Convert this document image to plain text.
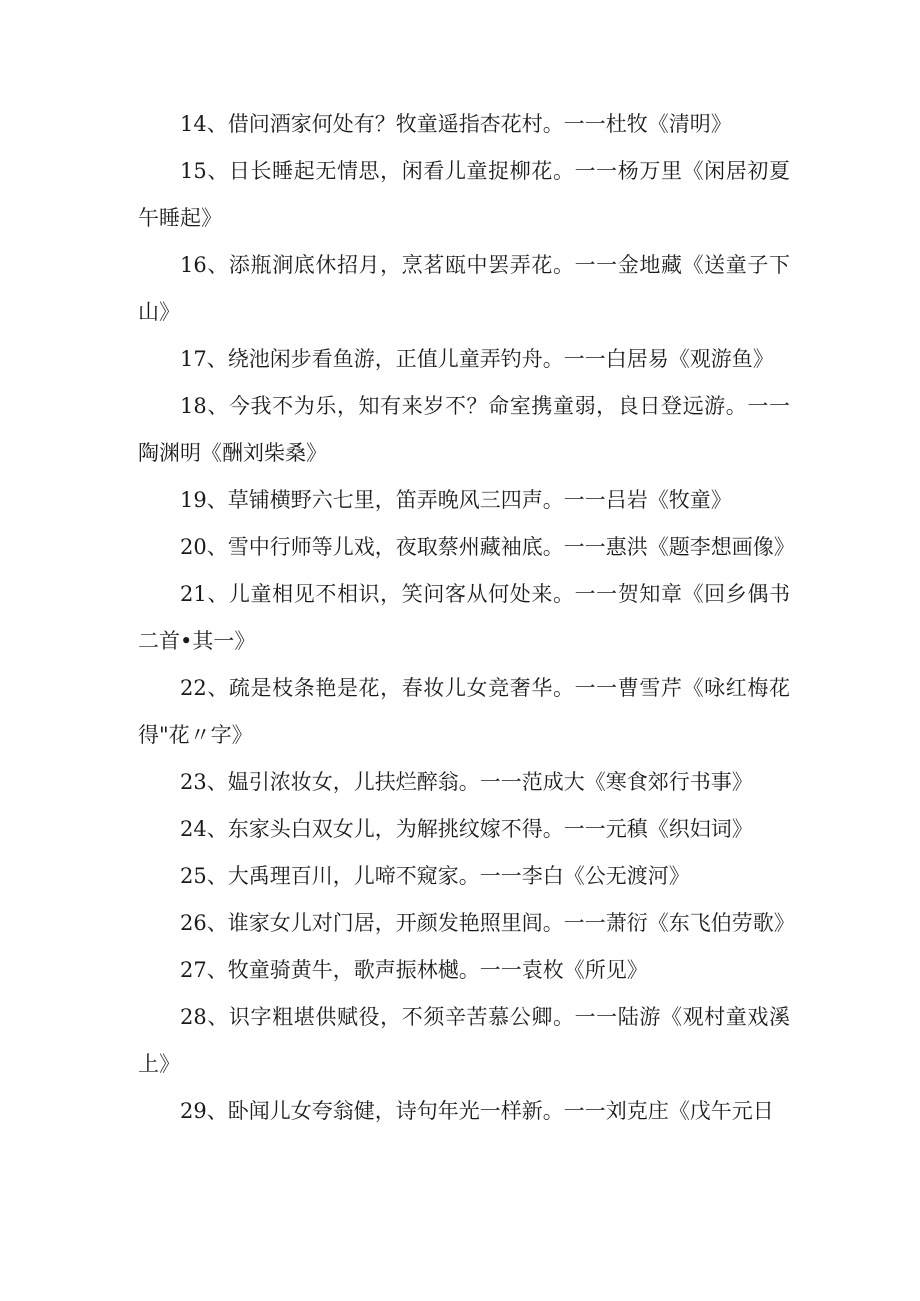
14、借问酒家何处有？牧童遥指杏花村。一一杜牧《清明》

15、日长睡起无情思，闲看儿童捉柳花。一一杨万里《闲居初夏午睡起》

16、添瓶涧底休招月，烹茗瓯中罢弄花。一一金地藏《送童子下山》

17、绕池闲步看鱼游，正值儿童弄钓舟。一一白居易《观游鱼》

18、今我不为乐，知有来岁不？命室携童弱，良日登远游。一一陶渊明《酬刘柴桑》

19、草铺横野六七里，笛弄晚风三四声。一一吕岩《牧童》

20、雪中行师等儿戏，夜取蔡州藏袖底。一一惠洪《题李想画像》

21、儿童相见不相识，笑问客从何处来。一一贺知章《回乡偶书二首•其一》

22、疏是枝条艳是花，春妆儿女竞奢华。一一曹雪芹《咏红梅花得"花〃字》

23、媪引浓妆女，儿扶烂醉翁。一一范成大《寒食郊行书事》

24、东家头白双女儿，为解挑纹嫁不得。一一元稹《织妇词》

25、大禹理百川，儿啼不窥家。一一李白《公无渡河》

26、谁家女儿对门居，开颜发艳照里闾。一一萧衍《东飞伯劳歌》

27、牧童骑黄牛，歌声振林樾。一一袁枚《所见》

28、识字粗堪供赋役，不须辛苦慕公卿。一一陆游《观村童戏溪上》

29、卧闻儿女夸翁健，诗句年光一样新。一一刘克庄《戊午元日
